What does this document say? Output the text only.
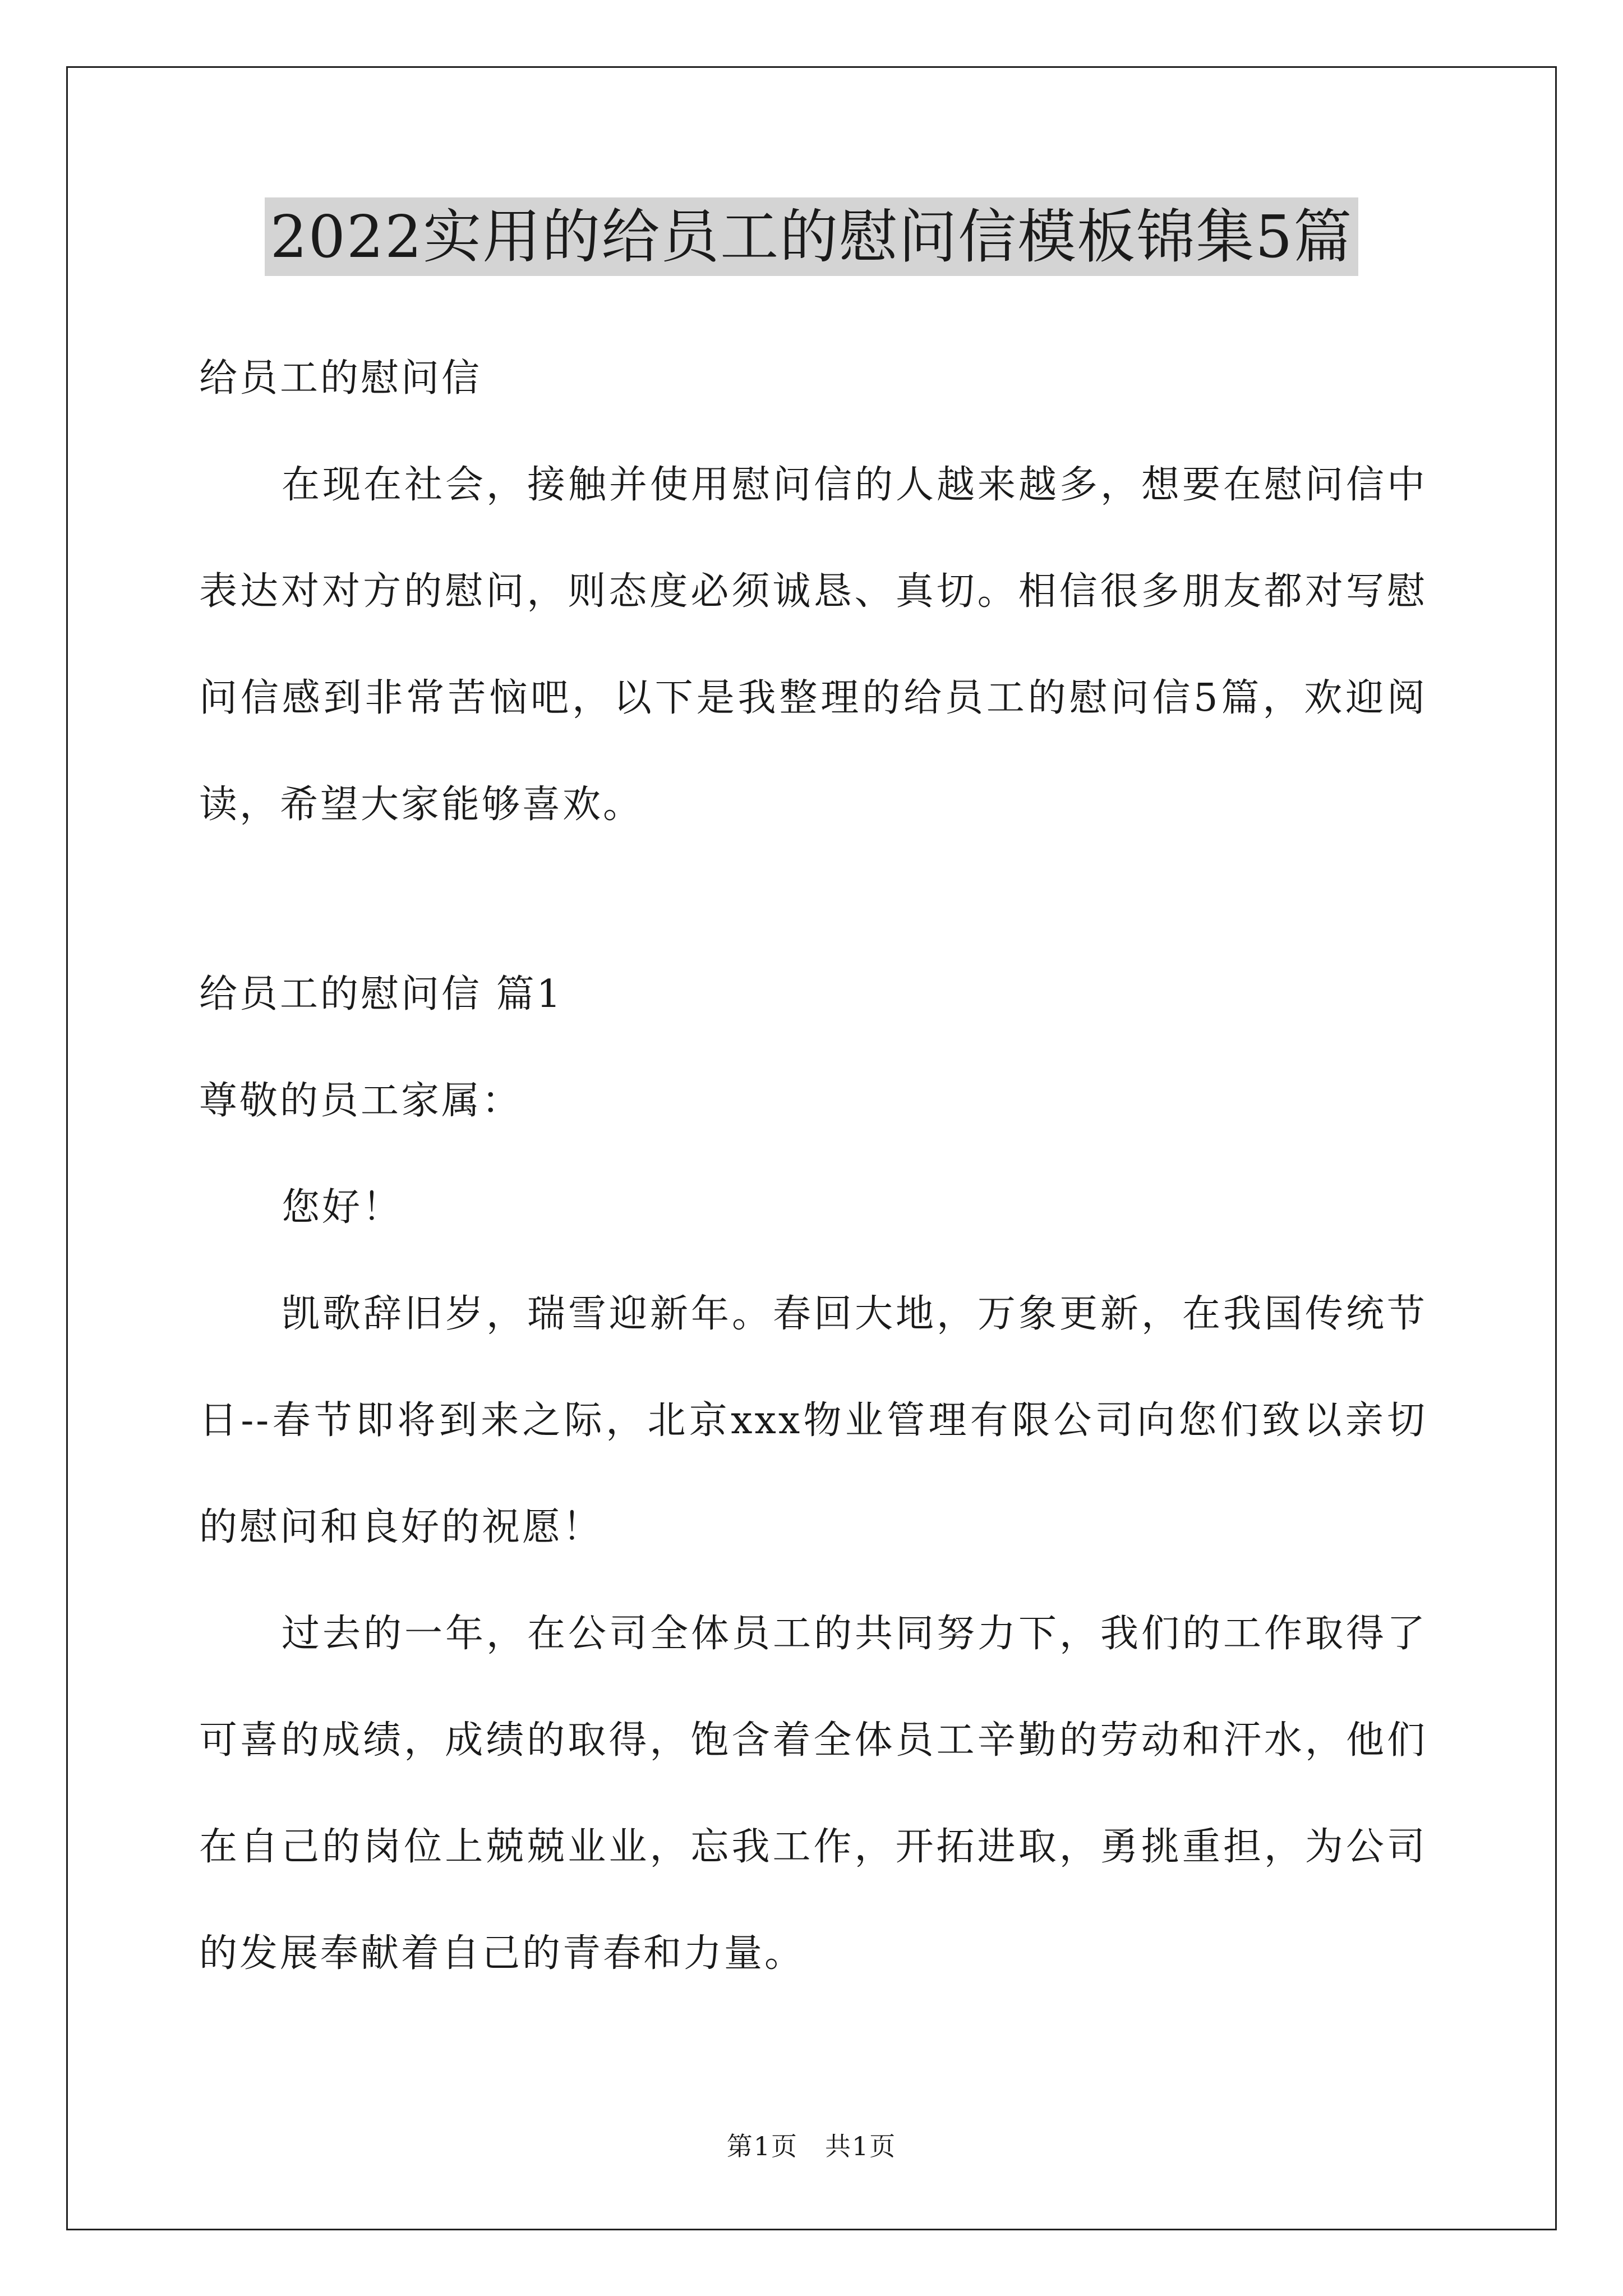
2022实用的给员工的慰问信模板锦集5篇

给员工的慰问信

在现在社会，接触并使用慰问信的人越来越多，想要在慰问信中表达对对方的慰问，则态度必须诚恳、真切。相信很多朋友都对写慰问信感到非常苦恼吧，以下是我整理的给员工的慰问信5篇，欢迎阅读，希望大家能够喜欢。

给员工的慰问信 篇1

尊敬的员工家属：

您好！

凯歌辞旧岁，瑞雪迎新年。春回大地，万象更新，在我国传统节日--春节即将到来之际，北京xxx物业管理有限公司向您们致以亲切的慰问和良好的祝愿！

过去的一年，在公司全体员工的共同努力下，我们的工作取得了可喜的成绩，成绩的取得，饱含着全体员工辛勤的劳动和汗水，他们在自己的岗位上兢兢业业，忘我工作，开拓进取，勇挑重担，为公司的发展奉献着自己的青春和力量。

第1页　共1页
